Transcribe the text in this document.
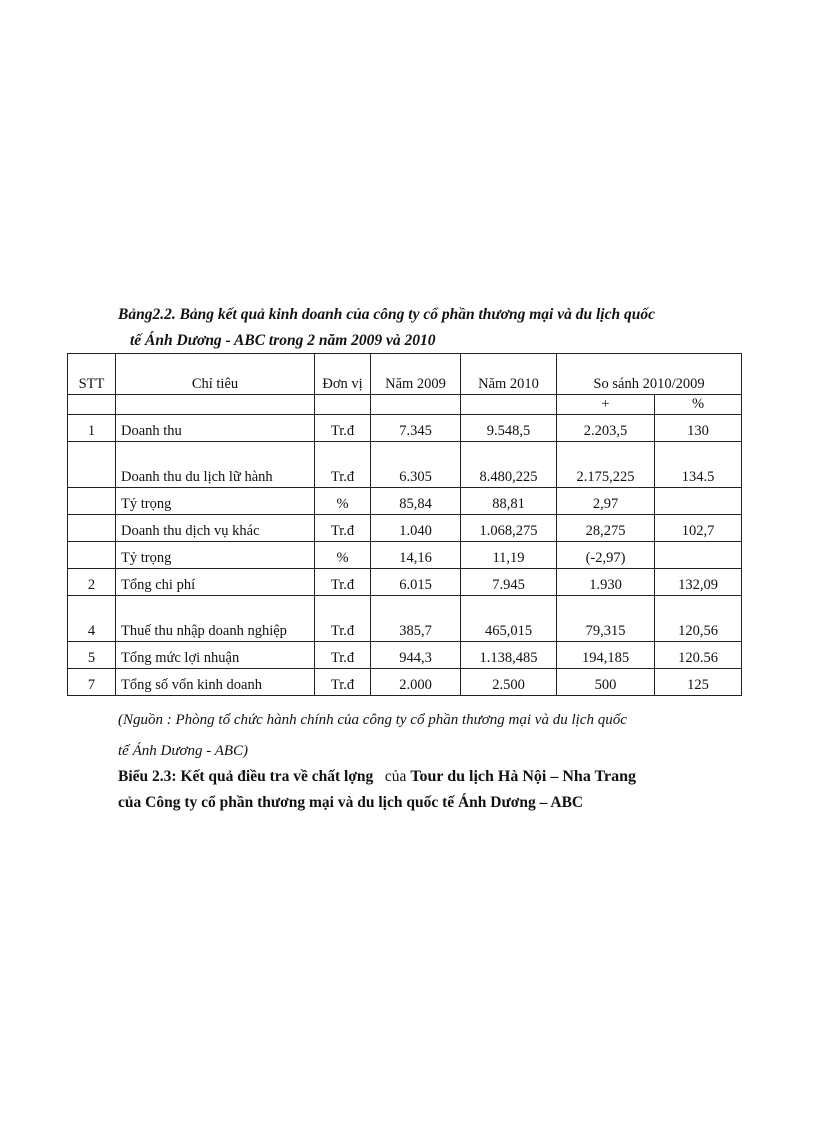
Bảng2.2. Bảng kết quả kinh doanh của công ty cổ phần thương mại và du lịch quốc
tế Ánh Dương - ABC trong 2 năm 2009 và 2010
STT	Chỉ tiêu	Đơn vị	Năm 2009	Năm 2010	So sánh 2010/2009	
					+	%
1	Doanh thu	Tr.đ	7.345	9.548,5	2.203,5	130
	Doanh thu du lịch lữ hành	Tr.đ	6.305	8.480,225	2.175,225	134.5
	Tỷ trọng	%	85,84	88,81	2,97	
	Doanh thu dịch vụ khác	Tr.đ	1.040	1.068,275	28,275	102,7
	Tỷ trọng	%	14,16	11,19	(-2,97)	
2	Tổng chi phí	Tr.đ	6.015	7.945	1.930	132,09
4	Thuế thu nhập doanh nghiệp	Tr.đ	385,7	465,015	79,315	120,56
5	Tổng mức lợi nhuận	Tr.đ	944,3	1.138,485	194,185	120.56
7	Tổng số vốn kinh doanh	Tr.đ	2.000	2.500	500	125
(Nguồn : Phòng tổ chức hành chính của công ty cổ phần thương mại và du lịch quốc
tế Ánh Dương - ABC)
Biểu 2.3: Kết quả điều tra về chất lợng của Tour du lịch Hà Nội – Nha Trang
của Công ty cổ phần thương mại và du lịch quốc tế Ánh Dương – ABC
